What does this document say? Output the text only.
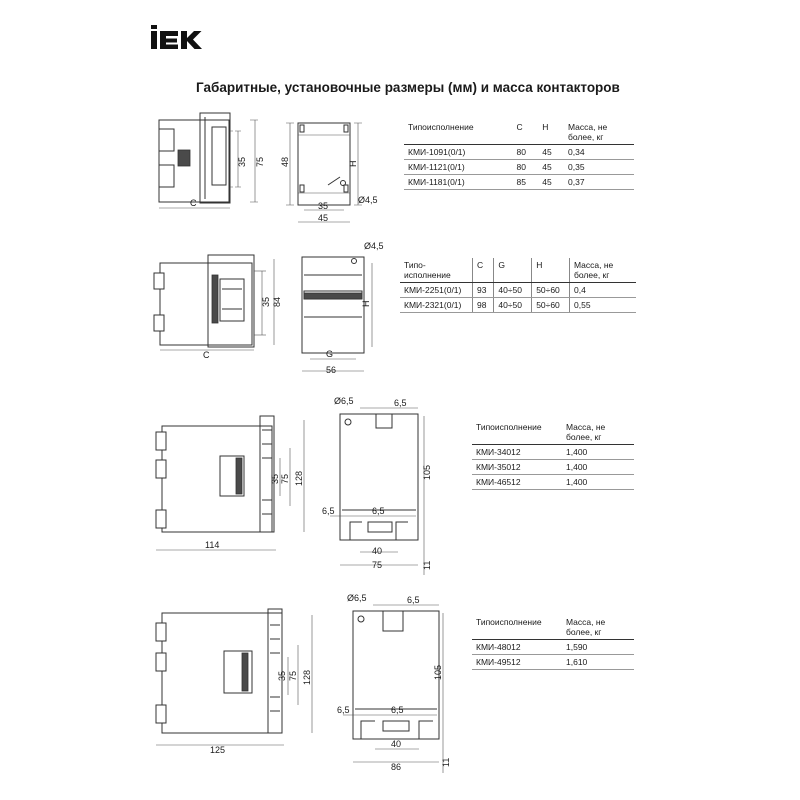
IEK
Габаритные, установочные размеры (мм) и масса контакторов
C
35 75 48	H
35
45
Ø4,5
Типоисполнение	C	H	Масса, не более, кг
КМИ-1091(0/1)	80	45	0,34
КМИ-1121(0/1)	80	45	0,35
КМИ-1181(0/1)	85	45	0,37
C
35 84
Ø4,5
H
G
56
Типо- исполнение	C	G	H	Масса, не более, кг
КМИ-2251(0/1)	93	40÷50	50÷60	0,4
КМИ-2321(0/1)	98	40÷50	50÷60	0,55
114
35 75 128
Ø6,5	6,5
105
6,5	6,5
40
75	11
Типоисполнение	Масса, не более, кг
КМИ-34012	1,400
КМИ-35012	1,400
КМИ-46512	1,400
125
35 75 128
Ø6,5	6,5
105
6,5	6,5
40
86	11
Типоисполнение	Масса, не более, кг
КМИ-48012	1,590
КМИ-49512	1,610
